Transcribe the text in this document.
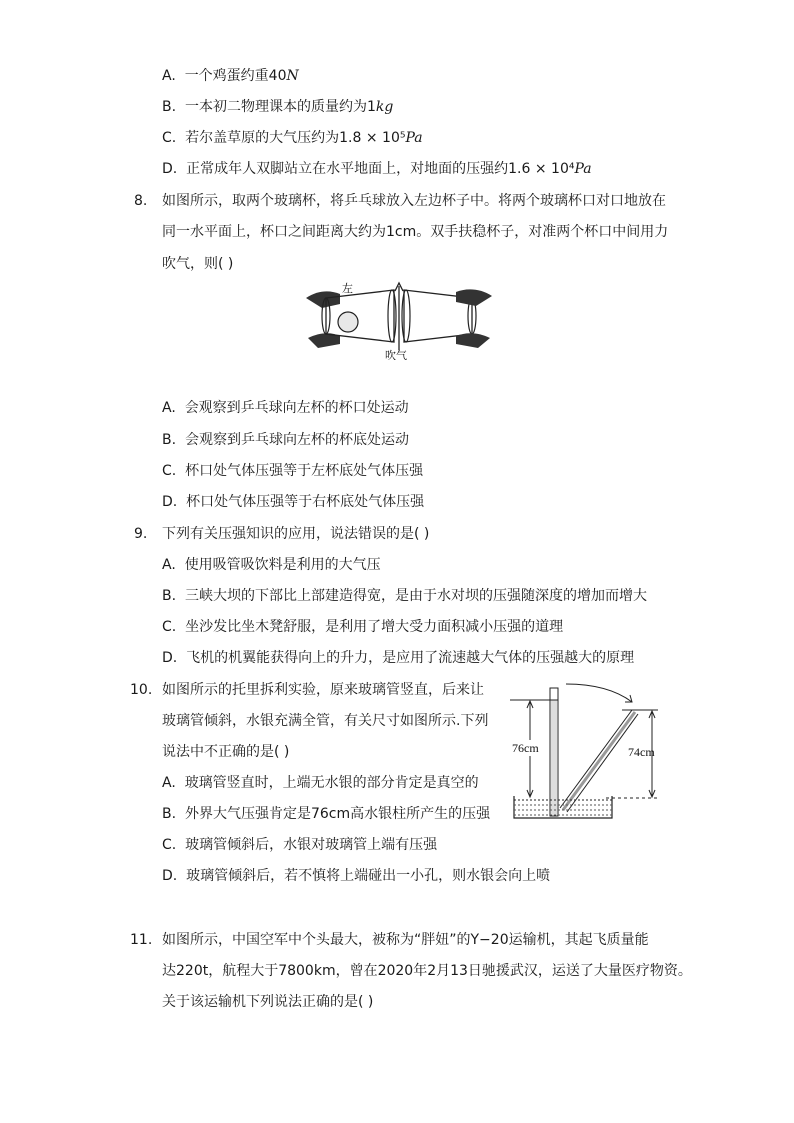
A. 一个鸡蛋约重40N
B. 一本初二物理课本的质量约为1kg
C. 若尔盖草原的大气压约为1.8 × 10⁵Pa
D. 正常成年人双脚站立在水平地面上，对地面的压强约1.6 × 10⁴Pa
8. 如图所示，取两个玻璃杯，将乒乓球放入左边杯子中。将两个玻璃杯口对口地放在
同一水平面上，杯口之间距离大约为1cm。双手扶稳杯子，对准两个杯口中间用力
吹气，则( )
左
吹气
A. 会观察到乒乓球向左杯的杯口处运动
B. 会观察到乒乓球向左杯的杯底处运动
C. 杯口处气体压强等于左杯底处气体压强
D. 杯口处气体压强等于右杯底处气体压强
9. 下列有关压强知识的应用，说法错误的是( )
A. 使用吸管吸饮料是利用的大气压
B. 三峡大坝的下部比上部建造得宽，是由于水对坝的压强随深度的增加而增大
C. 坐沙发比坐木凳舒服，是利用了增大受力面积减小压强的道理
D. 飞机的机翼能获得向上的升力，是应用了流速越大气体的压强越大的原理
10. 如图所示的托里拆利实验，原来玻璃管竖直，后来让
玻璃管倾斜，水银充满全管，有关尺寸如图所示.下列
说法中不正确的是( )	76cm	74cm
A. 玻璃管竖直时，上端无水银的部分肯定是真空的
B. 外界大气压强肯定是76cm高水银柱所产生的压强
C. 玻璃管倾斜后，水银对玻璃管上端有压强
D. 玻璃管倾斜后，若不慎将上端碰出一小孔，则水银会向上喷
11. 如图所示，中国空军中个头最大，被称为“胖妞”的Y−20运输机，其起飞质量能
达220t，航程大于7800km，曾在2020年2月13日驰援武汉，运送了大量医疗物资。
关于该运输机下列说法正确的是( )
